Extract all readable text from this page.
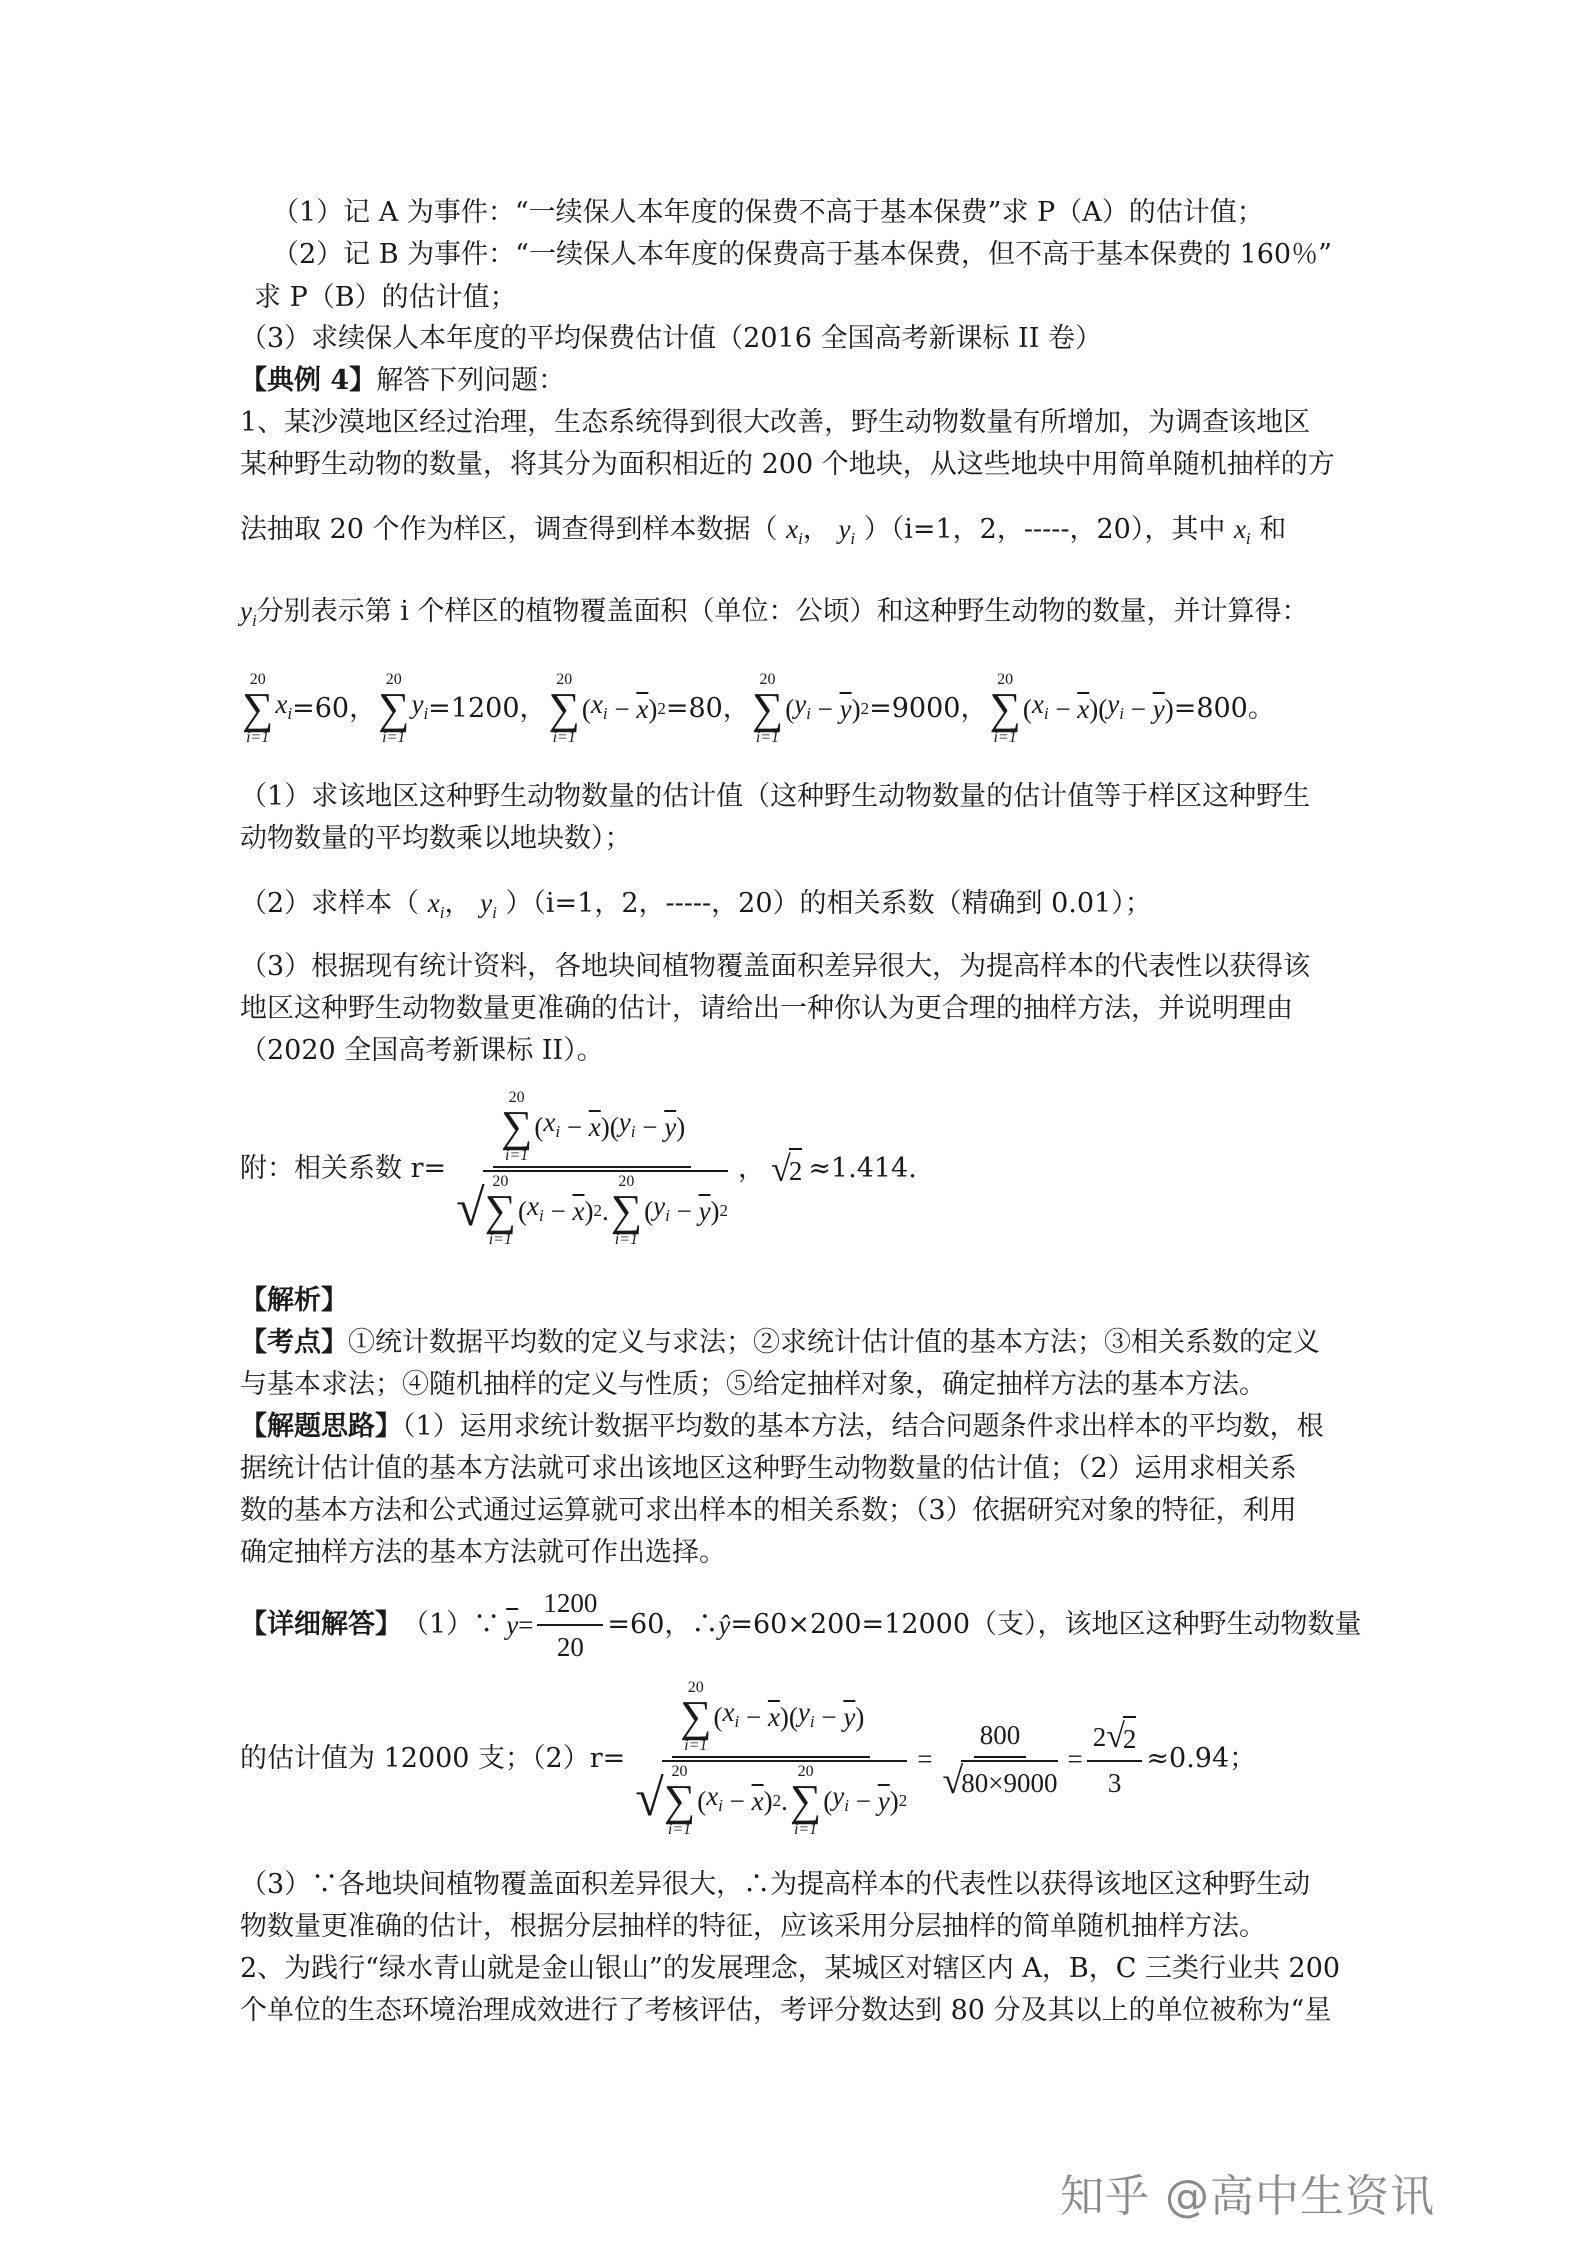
（1）记 A 为事件：“一续保人本年度的保费不高于基本保费”求 P（A）的估计值；
（2）记 B 为事件：“一续保人本年度的保费高于基本保费，但不高于基本保费的 160％”
求 P（B）的估计值；
（3）求续保人本年度的平均保费估计值（2016 全国高考新课标 II 卷）
【典例 4】解答下列问题：
1、某沙漠地区经过治理，生态系统得到很大改善，野生动物数量有所增加，为调查该地区
某种野生动物的数量，将其分为面积相近的 200 个地块，从这些地块中用简单随机抽样的方
法抽取 20 个作为样区，调查得到样本数据（ $x_i$， $y_i$ ）（i=1，2，-----，20），其中 $x_i$ 和
$y_i$分别表示第 i 个样区的植物覆盖面积（单位：公顷）和这种野生动物的数量，并计算得：
20
∑
i=1
$x_i =60$，
20
∑
i=1
$y_i =1200$，
20
∑
i=1
( $x_i - \overline{x}$ ) 2 =80，
20
∑
i=1
( $y_i - \overline{y}$ ) 2 =9000，
20
∑
i=1
( $x_i - \overline{x}$ )( $y_i - \overline{y}$ ) =800。
（1）求该地区这种野生动物数量的估计值（这种野生动物数量的估计值等于样区这种野生
动物数量的平均数乘以地块数）；
（2）求样本（ $x_i$， $y_i$ ）（i=1，2，-----，20）的相关系数（精确到 0.01）；
（3）根据现有统计资料，各地块间植物覆盖面积差异很大，为提高样本的代表性以获得该
地区这种野生动物数量更准确的估计，请给出一种你认为更合理的抽样方法，并说明理由
（2020 全国高考新课标 II）。
附：相关系数 r=
20
∑
i=1
( $x_i - \overline{x}$ )( $y_i - \overline{y}$ )
√ 20
∑
i=1
( $x_i - \overline{x}$ ) 2 .
20
∑
i=1
( $y_i - \overline{y}$ ) 2
， √
2 ≈1.414.
【解析】
【考点】①统计数据平均数的定义与求法；②求统计估计值的基本方法；③相关系数的定义
与基本求法；④随机抽样的定义与性质；⑤给定抽样对象，确定抽样方法的基本方法。
【解题思路】（1）运用求统计数据平均数的基本方法，结合问题条件求出样本的平均数，根
据统计估计值的基本方法就可求出该地区这种野生动物数量的估计值；（2）运用求相关系
数的基本方法和公式通过运算就可求出样本的相关系数；（3）依据研究对象的特征，利用
确定抽样方法的基本方法就可作出选择。
【详细解答】 （1）∵ $\overline{y} = \frac{1200}{20} =60$，∴ ŷ =60×200=12000（支），该地区这种野生动物数量
的估计值为 12000 支；（2）r=
20
∑
i=1
( $x_i - \overline{x}$ )( $y_i - \overline{y}$ )
√ 20
∑
i=1
( $x_i - \overline{x}$ ) 2 .
20
∑
i=1
( $y_i - \overline{y}$ ) 2
= 800
√
80×9000 = 2 √
2
3 ≈0.94；
（3）∵各地块间植物覆盖面积差异很大，∴为提高样本的代表性以获得该地区这种野生动
物数量更准确的估计，根据分层抽样的特征，应该采用分层抽样的简单随机抽样方法。
2、为践行“绿水青山就是金山银山”的发展理念，某城区对辖区内 A，B，C 三类行业共 200
个单位的生态环境治理成效进行了考核评估，考评分数达到 80 分及其以上的单位被称为“星
知乎 @高中生资讯
